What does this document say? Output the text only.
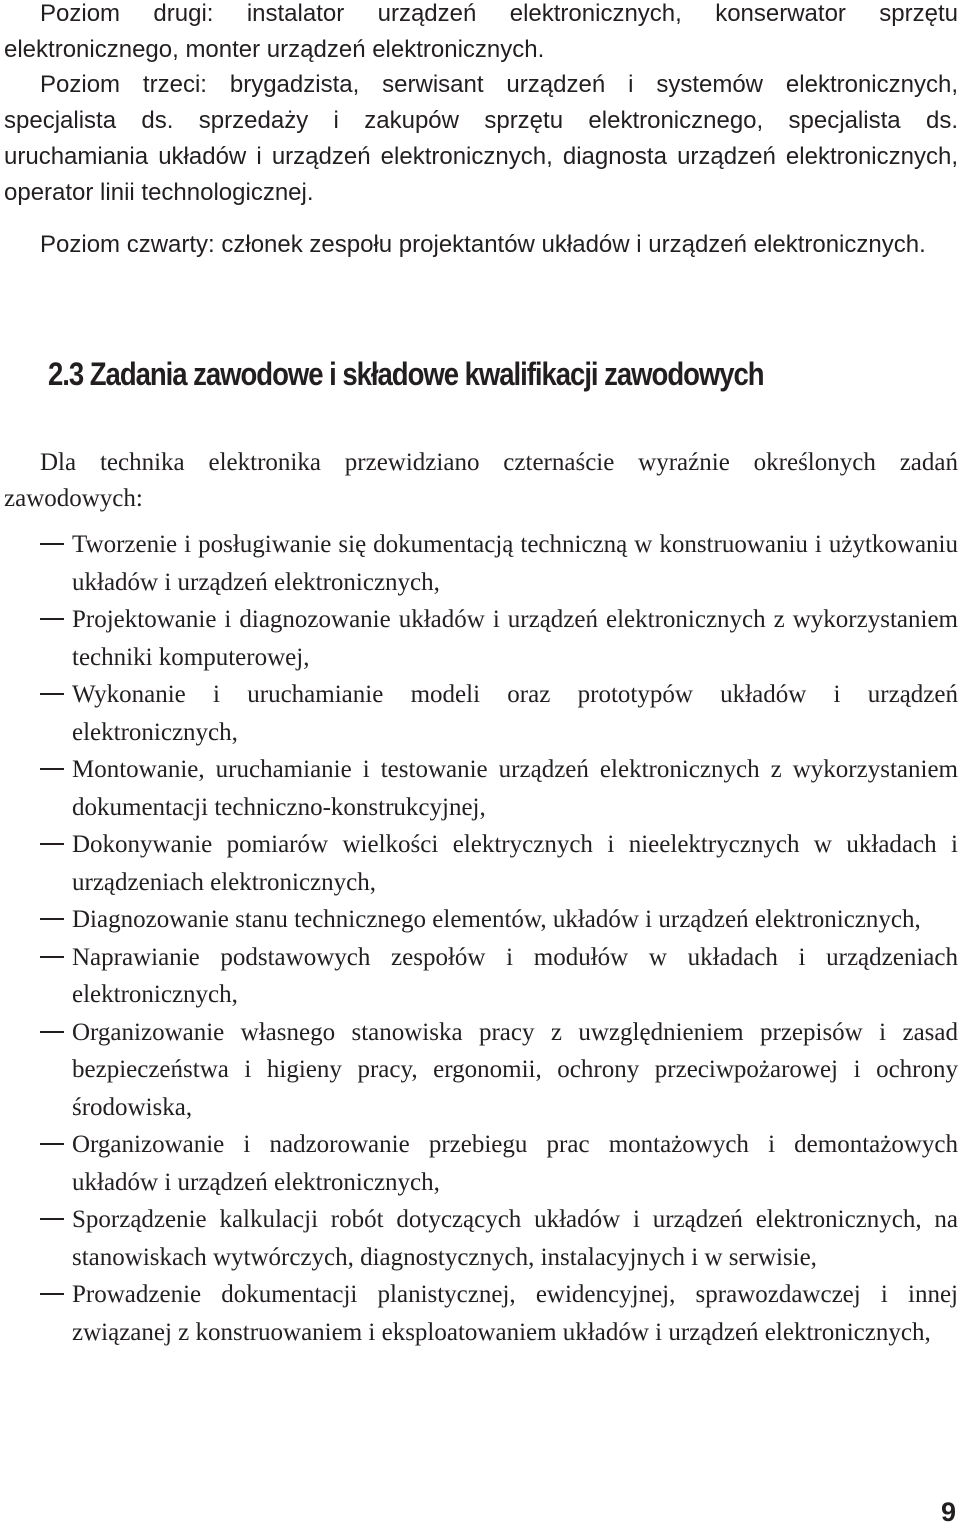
Poziom drugi: instalator urządzeń elektronicznych, konserwator sprzętu elektronicznego, monter urządzeń elektronicznych.

Poziom trzeci: brygadzista, serwisant urządzeń i systemów elektronicznych, specjalista ds. sprzedaży i zakupów sprzętu elektronicznego, specjalista ds. uruchamiania układów i urządzeń elektronicznych, diagnosta urządzeń elektronicznych, operator linii technologicznej.

Poziom czwarty: członek zespołu projektantów układów i urządzeń elektronicznych.

2.3 Zadania zawodowe i składowe kwalifikacji zawodowych

Dla technika elektronika przewidziano czternaście wyraźnie określonych zadań zawodowych:

Tworzenie i posługiwanie się dokumentacją techniczną w konstruowaniu i użytkowaniu układów i urządzeń elektronicznych,
Projektowanie i diagnozowanie układów i urządzeń elektronicznych z wykorzystaniem techniki komputerowej,
Wykonanie i uruchamianie modeli oraz prototypów układów i urządzeń elektronicznych,
Montowanie, uruchamianie i testowanie urządzeń elektronicznych z wykorzystaniem dokumentacji techniczno-konstrukcyjnej,
Dokonywanie pomiarów wielkości elektrycznych i nieelektrycznych w układach i urządzeniach elektronicznych,
Diagnozowanie stanu technicznego elementów, układów i urządzeń elektronicznych,
Naprawianie podstawowych zespołów i modułów w układach i urządzeniach elektronicznych,
Organizowanie własnego stanowiska pracy z uwzględnieniem przepisów i zasad bezpieczeństwa i higieny pracy, ergonomii, ochrony przeciwpożarowej i ochrony środowiska,
Organizowanie i nadzorowanie przebiegu prac montażowych i demontażowych układów i urządzeń elektronicznych,
Sporządzenie kalkulacji robót dotyczących układów i urządzeń elektronicznych, na stanowiskach wytwórczych, diagnostycznych, instalacyjnych i w serwisie,
Prowadzenie dokumentacji planistycznej, ewidencyjnej, sprawozdawczej i innej związanej z konstruowaniem i eksploatowaniem układów i urządzeń elektronicznych,
9
